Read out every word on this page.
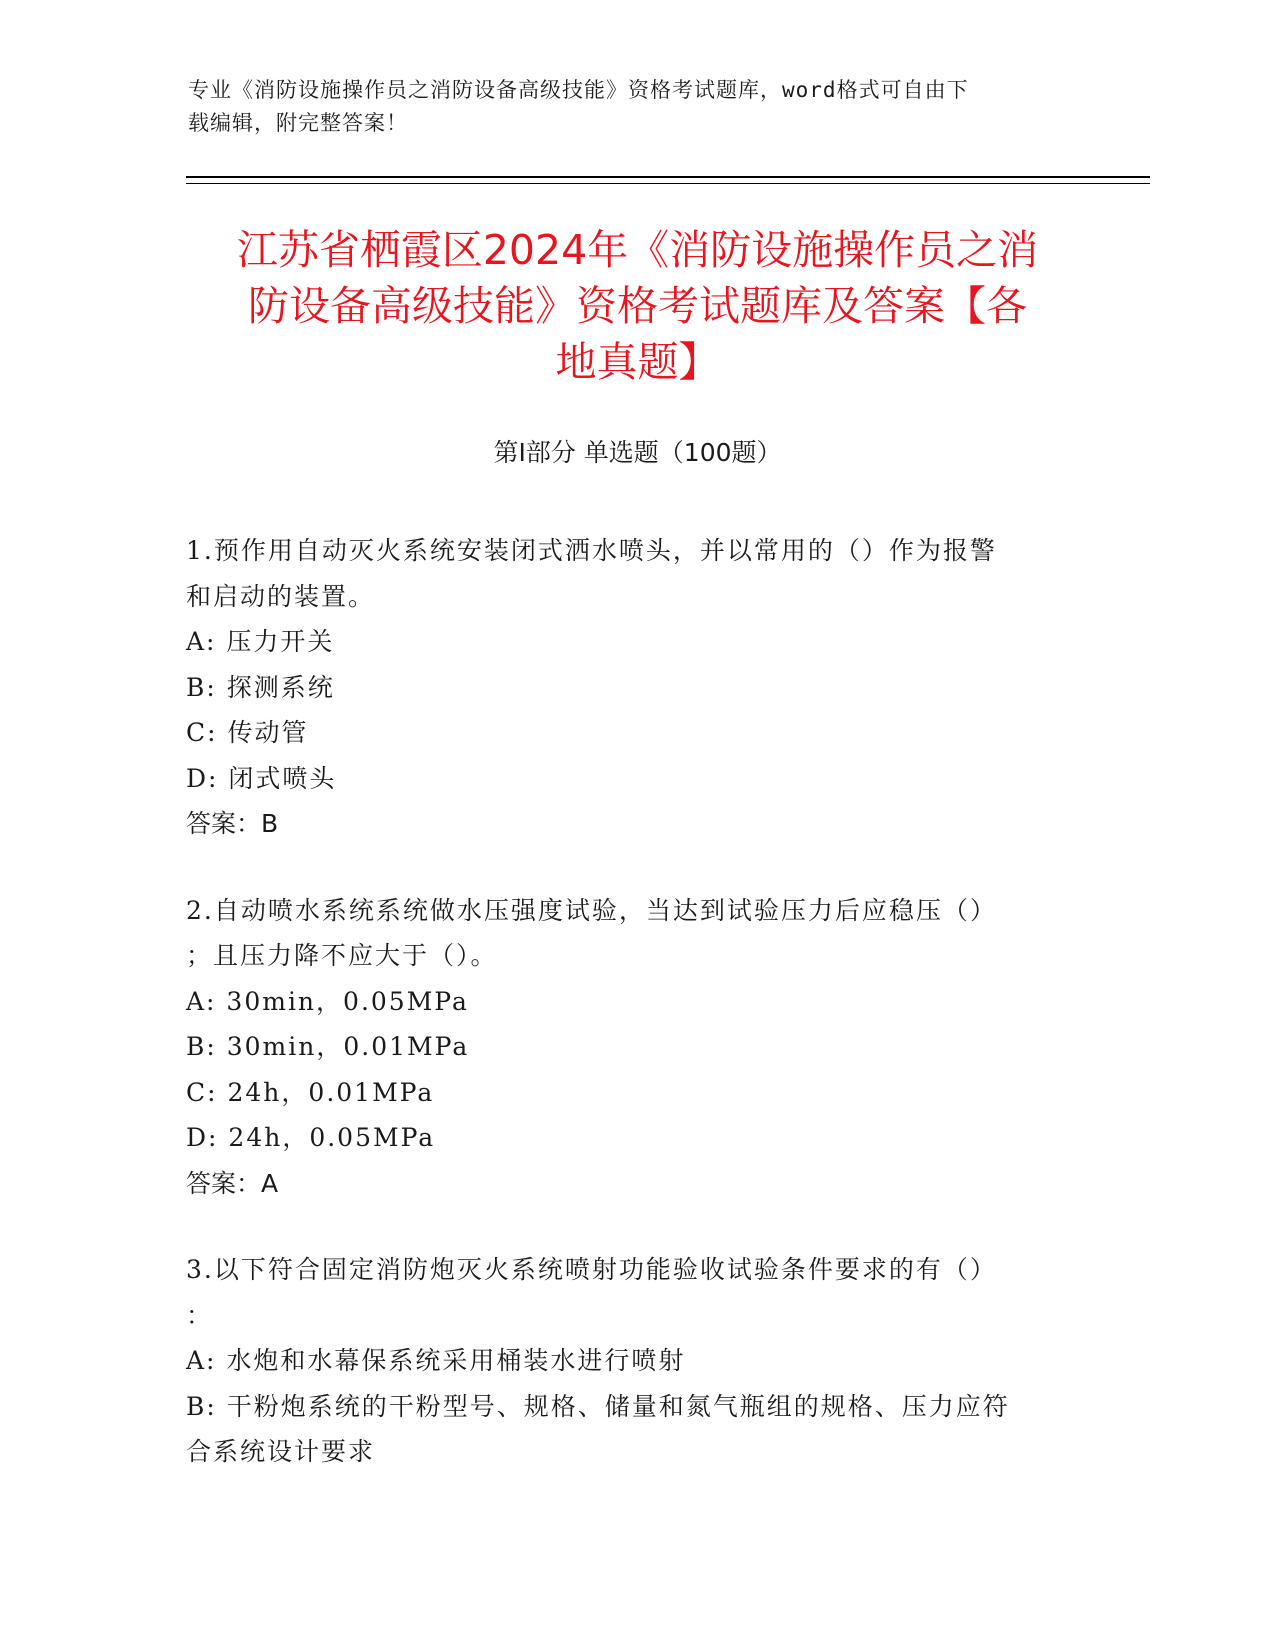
专业《消防设施操作员之消防设备高级技能》资格考试题库，word格式可自由下
载编辑，附完整答案！
江苏省栖霞区2024年《消防设施操作员之消
防设备高级技能》资格考试题库及答案【各
地真题】
第Ⅰ部分 单选题（100题）
1.预作用自动灭火系统安装闭式洒水喷头，并以常用的（）作为报警
和启动的装置。
A: 压力开关
B: 探测系统
C: 传动管
D: 闭式喷头
答案：B
2.自动喷水系统系统做水压强度试验，当达到试验压力后应稳压（）
；且压力降不应大于（）。
A: 30min，0.05MPa
B: 30min，0.01MPa
C: 24h，0.01MPa
D: 24h，0.05MPa
答案：A
3.以下符合固定消防炮灭火系统喷射功能验收试验条件要求的有（）
：
A: 水炮和水幕保系统采用桶装水进行喷射
B: 干粉炮系统的干粉型号、规格、储量和氮气瓶组的规格、压力应符
合系统设计要求
